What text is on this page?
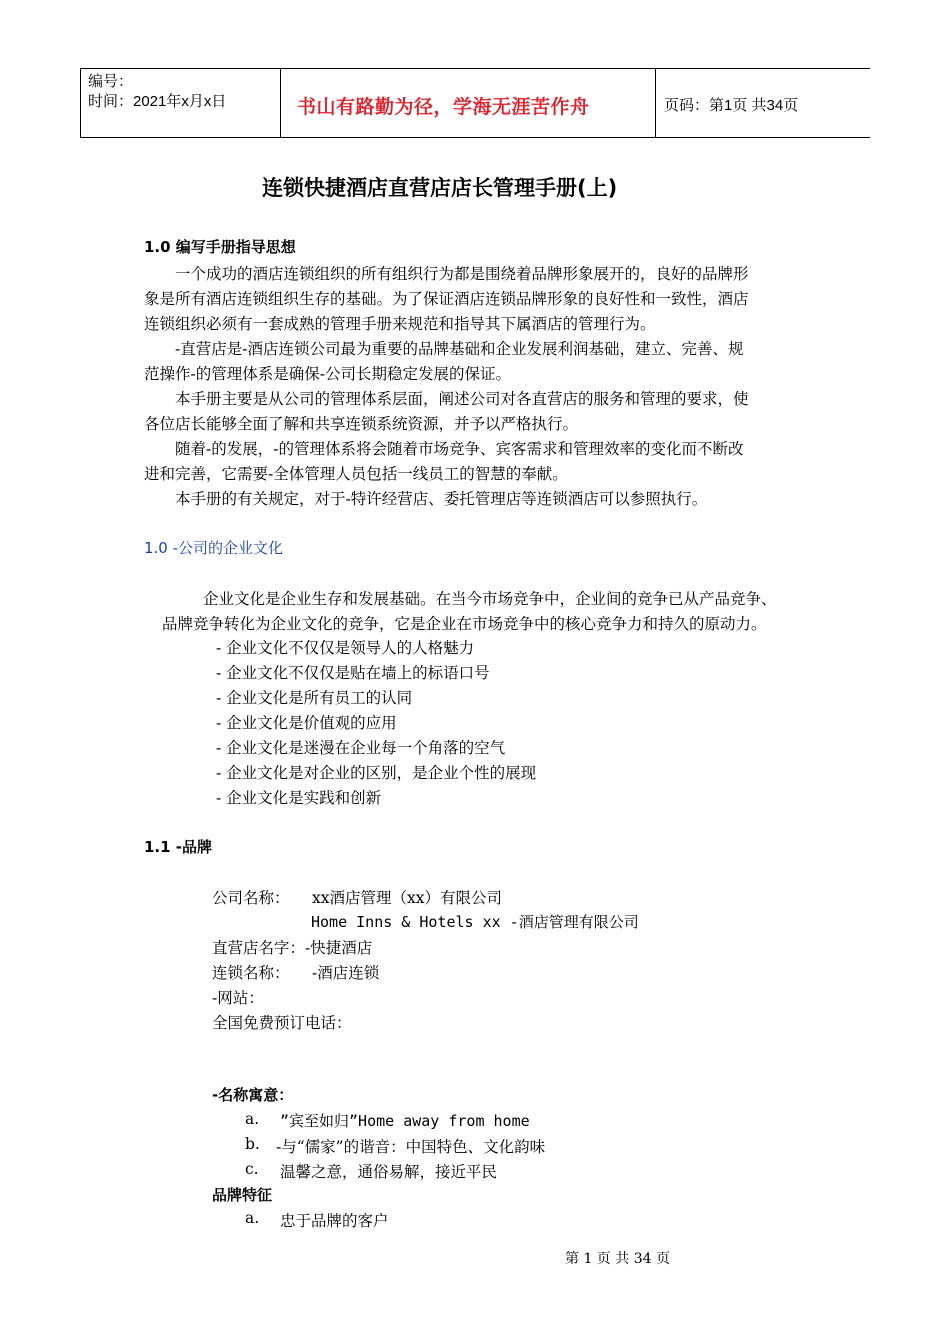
编号：
时间：2021年x月x日	书山有路勤为径，学海无涯苦作舟	页码：第1页 共34页
连锁快捷酒店直营店店长管理手册(上)
1.0 编写手册指导思想
一个成功的酒店连锁组织的所有组织行为都是围绕着品牌形象展开的，良好的品牌形
象是所有酒店连锁组织生存的基础。为了保证酒店连锁品牌形象的良好性和一致性，酒店
连锁组织必须有一套成熟的管理手册来规范和指导其下属酒店的管理行为。
-直营店是-酒店连锁公司最为重要的品牌基础和企业发展利润基础，建立、完善、规
范操作-的管理体系是确保-公司长期稳定发展的保证。
本手册主要是从公司的管理体系层面，阐述公司对各直营店的服务和管理的要求，使
各位店长能够全面了解和共享连锁系统资源，并予以严格执行。
随着-的发展，-的管理体系将会随着市场竞争、宾客需求和管理效率的变化而不断改
进和完善，它需要-全体管理人员包括一线员工的智慧的奉献。
本手册的有关规定，对于-特许经营店、委托管理店等连锁酒店可以参照执行。
1.0 -公司的企业文化
企业文化是企业生存和发展基础。在当今市场竞争中，企业间的竞争已从产品竞争、
品牌竞争转化为企业文化的竞争，它是企业在市场竞争中的核心竞争力和持久的原动力。
- 企业文化不仅仅是领导人的人格魅力
- 企业文化不仅仅是贴在墙上的标语口号
- 企业文化是所有员工的认同
- 企业文化是价值观的应用
- 企业文化是迷漫在企业每一个角落的空气
- 企业文化是对企业的区别，是企业个性的展现
- 企业文化是实践和创新
1.1 -品牌
公司名称： xx酒店管理（xx）有限公司
Home Inns & Hotels xx -酒店管理有限公司
直营店名字：-快捷酒店
连锁名称： -酒店连锁
-网站：
全国免费预订电话：
-名称寓意：
a. ”宾至如归”Home away from home
b. -与“儒家”的谐音：中国特色、文化韵味
c. 温馨之意，通俗易解，接近平民
品牌特征
a. 忠于品牌的客户
第 1 页 共 34 页
